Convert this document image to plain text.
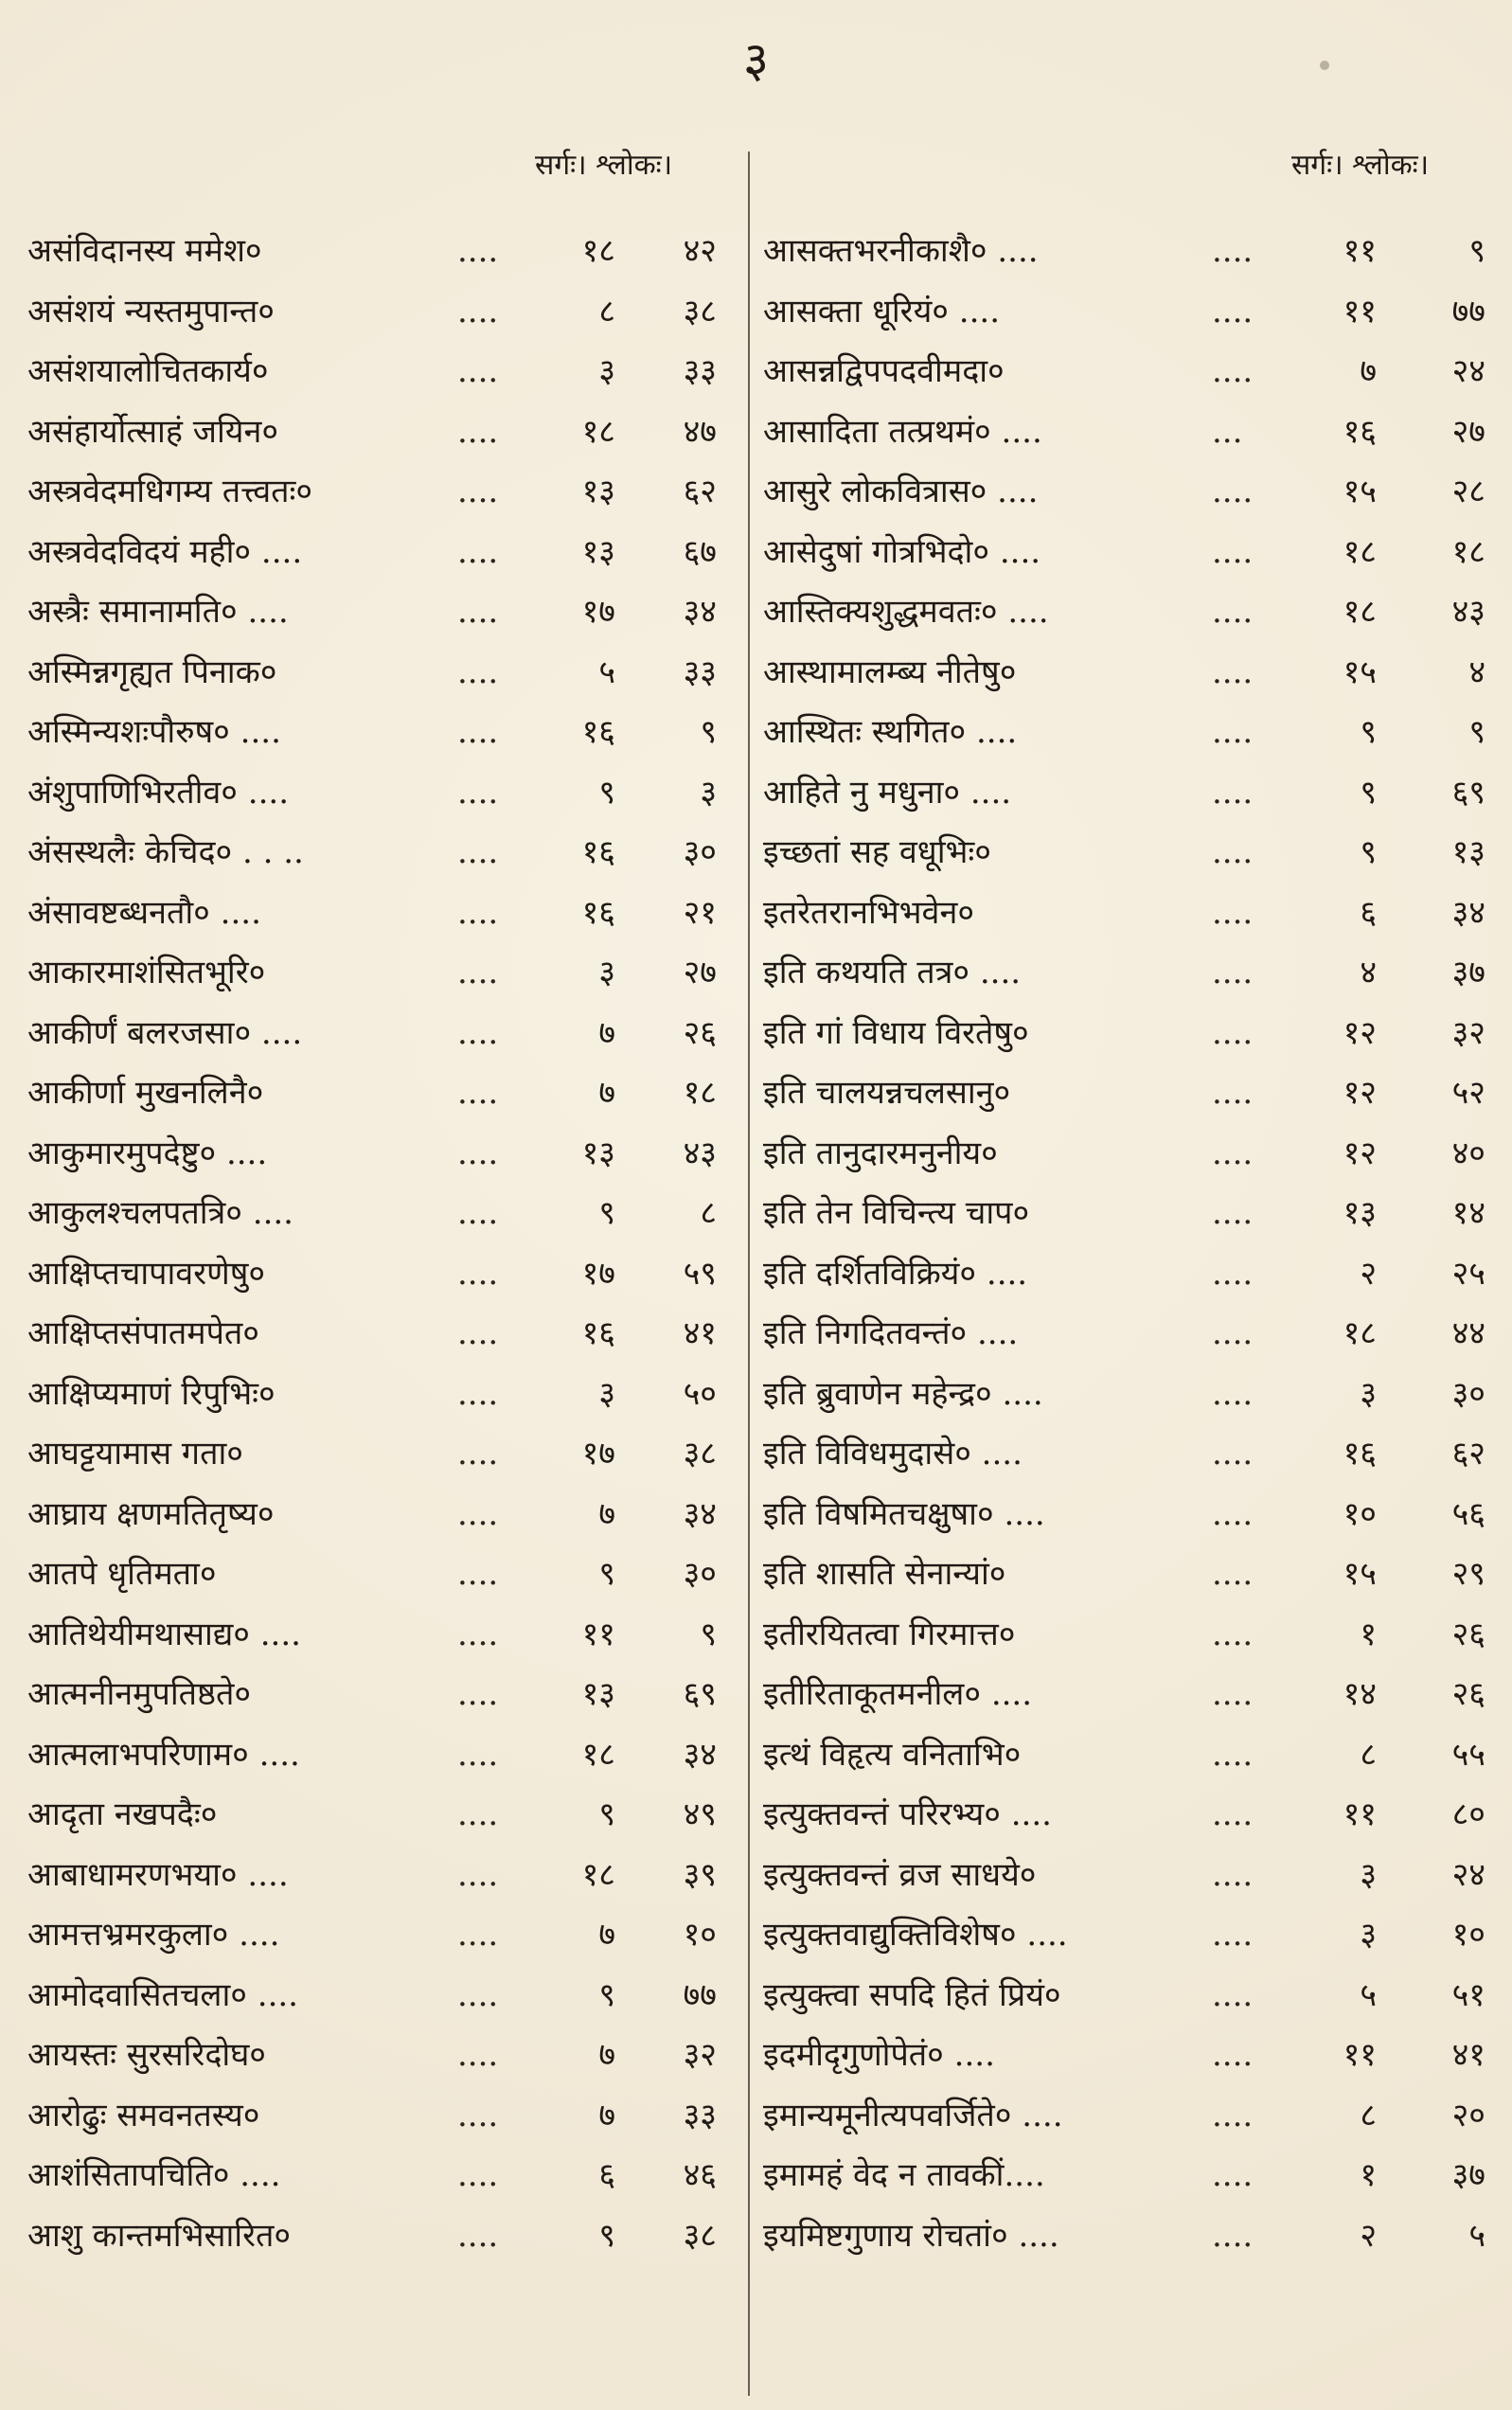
३
सर्गः। श्लोकः।
असंविदानस्य ममेश०	....	१८	४२
असंशयं न्यस्तमुपान्त०	....	८	३८
असंशयालोचितकार्य०	....	३	३३
असंहार्योत्साहं जयिन०	....	१८	४७
अस्त्रवेदमधिगम्य तत्त्वतः०	....	१३	६२
अस्त्रवेदविदयं मही० ....	....	१३	६७
अस्त्रैः समानामति० ....	....	१७	३४
अस्मिन्नगृह्यत पिनाक०	....	५	३३
अस्मिन्यशःपौरुष० ....	....	१६	९
अंशुपाणिभिरतीव० ....	....	९	३
अंसस्थलैः केचिद० . . ..	....	१६	३०
अंसावष्टब्धनतौ० ....	....	१६	२१
आकारमाशंसितभूरि०	....	३	२७
आकीर्णं बलरजसा० ....	....	७	२६
आकीर्णा मुखनलिनै०	....	७	१८
आकुमारमुपदेष्टु० ....	....	१३	४३
आकुलश्चलपतत्रि० ....	....	९	८
आक्षिप्तचापावरणेषु०	....	१७	५९
आक्षिप्तसंपातमपेत०	....	१६	४१
आक्षिप्यमाणं रिपुभिः०	....	३	५०
आघट्टयामास गता०	....	१७	३८
आघ्राय क्षणमतितृष्य०	....	७	३४
आतपे धृतिमता०	....	९	३०
आतिथेयीमथासाद्य० ....	....	११	९
आत्मनीनमुपतिष्ठते०	....	१३	६९
आत्मलाभपरिणाम० ....	....	१८	३४
आदृता नखपदैः०	....	९	४९
आबाधामरणभया० ....	....	१८	३९
आमत्तभ्रमरकुला० ....	....	७	१०
आमोदवासितचला० ....	....	९	७७
आयस्तः सुरसरिदोघ०	....	७	३२
आरोढुः समवनतस्य०	....	७	३३
आशंसितापचिति० ....	....	६	४६
आशु कान्तमभिसारित०	....	९	३८
सर्गः। श्लोकः।
आसक्तभरनीकाशै० ....	....	११	९
आसक्ता धूरियं० ....	....	११	७७
आसन्नद्विपपदवीमदा०	....	७	२४
आसादिता तत्प्रथमं० ....	...	१६	२७
आसुरे लोकवित्रास० ....	....	१५	२८
आसेदुषां गोत्रभिदो० ....	....	१८	१८
आस्तिक्यशुद्धमवतः० ....	....	१८	४३
आस्थामालम्ब्य नीतेषु०	....	१५	४
आस्थितः स्थगित० ....	....	९	९
आहिते नु मधुना० ....	....	९	६९
इच्छतां सह वधूभिः०	....	९	१३
इतरेतरानभिभवेन०	....	६	३४
इति कथयति तत्र० ....	....	४	३७
इति गां विधाय विरतेषु०	....	१२	३२
इति चालयन्नचलसानु०	....	१२	५२
इति तानुदारमनुनीय०	....	१२	४०
इति तेन विचिन्त्य चाप०	....	१३	१४
इति दर्शितविक्रियं० ....	....	२	२५
इति निगदितवन्तं० ....	....	१८	४४
इति ब्रुवाणेन महेन्द्र० ....	....	३	३०
इति विविधमुदासे० ....	....	१६	६२
इति विषमितचक्षुषा० ....	....	१०	५६
इति शासति सेनान्यां०	....	१५	२९
इतीरयितत्वा गिरमात्त०	....	१	२६
इतीरिताकूतमनील० ....	....	१४	२६
इत्थं विहृत्य वनिताभि०	....	८	५५
इत्युक्तवन्तं परिरभ्य० ....	....	११	८०
इत्युक्तवन्तं व्रज साधये०	....	३	२४
इत्युक्तवाद्युक्तिविशेष० ....	....	३	१०
इत्युक्त्वा सपदि हितं प्रियं०	....	५	५१
इदमीदृगुणोपेतं० ....	....	११	४१
इमान्यमूनीत्यपवर्जिते० ....	....	८	२०
इमामहं वेद न तावकीं....	....	१	३७
इयमिष्टगुणाय रोचतां० ....	....	२	५
